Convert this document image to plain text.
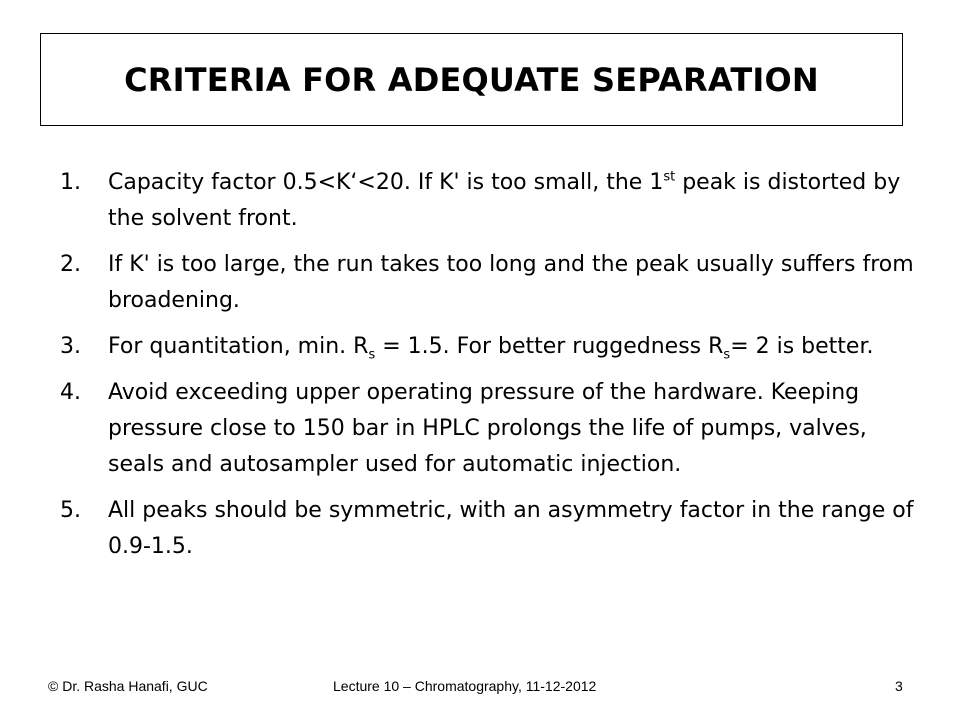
CRITERIA FOR ADEQUATE SEPARATION
1.	Capacity factor 0.5<K‘<20. If K' is too small, the 1st peak is distorted by the solvent front.
2.	If K' is too large, the run takes too long and the peak usually suffers from broadening.
3.	For quantitation, min. $R_s = 1.5$. For better ruggedness $R_s= 2$ is better.
4.	Avoid exceeding upper operating pressure of the hardware. Keeping pressure close to 150 bar in HPLC prolongs the life of pumps, valves, seals and autosampler used for automatic injection.
5.	All peaks should be symmetric, with an asymmetry factor in the range of 0.9-1.5.
© Dr. Rasha Hanafi, GUC	Lecture 10 – Chromatography, 11-12-2012	3
